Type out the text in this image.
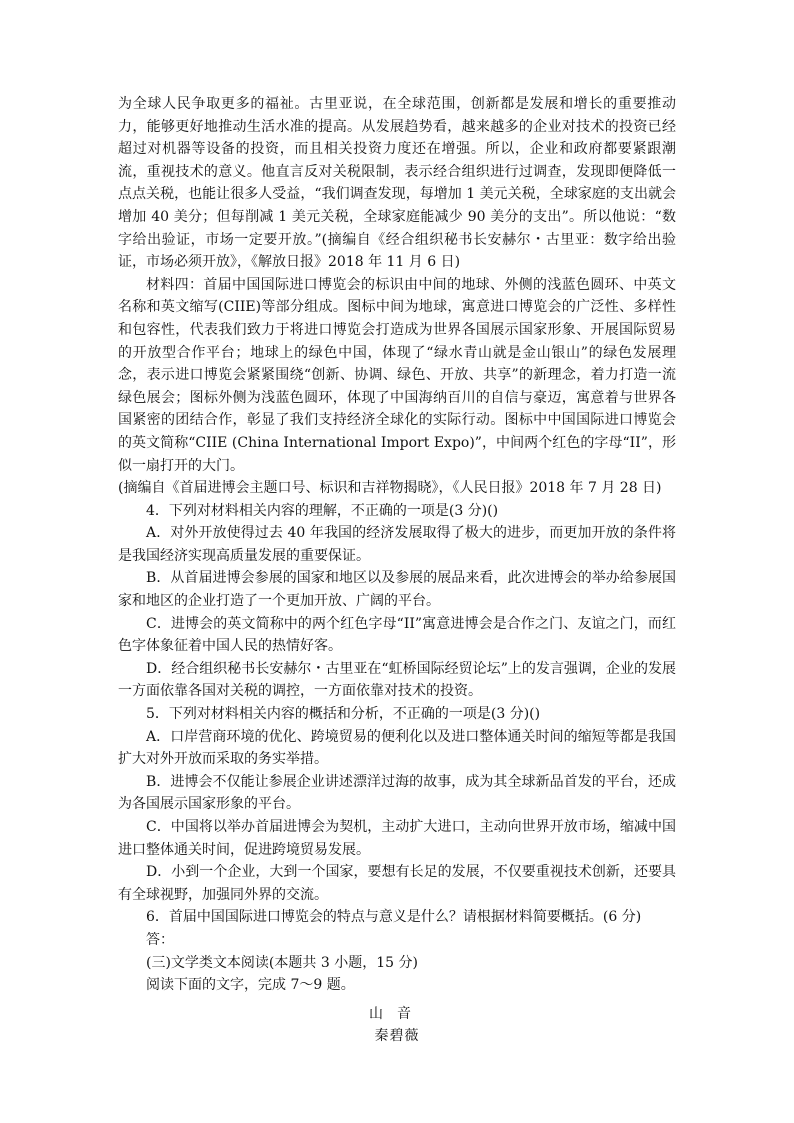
为全球人民争取更多的福祉。古里亚说，在全球范围，创新都是发展和增长的重要推动力，能够更好地推动生活水准的提高。从发展趋势看，越来越多的企业对技术的投资已经超过对机器等设备的投资，而且相关投资力度还在增强。所以，企业和政府都要紧跟潮流，重视技术的意义。他直言反对关税限制，表示经合组织进行过调查，发现即便降低一点点关税，也能让很多人受益，“我们调查发现，每增加 1 美元关税，全球家庭的支出就会增加 40 美分；但每削减 1 美元关税，全球家庭能减少 90 美分的支出”。所以他说：“数字给出验证，市场一定要开放。”(摘编自《经合组织秘书长安赫尔・古里亚：数字给出验证，市场必须开放》，《解放日报》2018 年 11 月 6 日)

材料四：首届中国国际进口博览会的标识由中间的地球、外侧的浅蓝色圆环、中英文名称和英文缩写(CIIE)等部分组成。图标中间为地球，寓意进口博览会的广泛性、多样性和包容性，代表我们致力于将进口博览会打造成为世界各国展示国家形象、开展国际贸易的开放型合作平台；地球上的绿色中国，体现了“绿水青山就是金山银山”的绿色发展理念，表示进口博览会紧紧围绕“创新、协调、绿色、开放、共享”的新理念，着力打造一流绿色展会；图标外侧为浅蓝色圆环，体现了中国海纳百川的自信与豪迈，寓意着与世界各国紧密的团结合作，彰显了我们支持经济全球化的实际行动。图标中中国国际进口博览会的英文简称“CIIE (China International Import Expo)”，中间两个红色的字母“II”，形似一扇打开的大门。

(摘编自《首届进博会主题口号、标识和吉祥物揭晓》，《人民日报》2018 年 7 月 28 日)

4．下列对材料相关内容的理解，不正确的一项是(3 分)()

A．对外开放使得过去 40 年我国的经济发展取得了极大的进步，而更加开放的条件将是我国经济实现高质量发展的重要保证。

B．从首届进博会参展的国家和地区以及参展的展品来看，此次进博会的举办给参展国家和地区的企业打造了一个更加开放、广阔的平台。

C．进博会的英文简称中的两个红色字母“II”寓意进博会是合作之门、友谊之门，而红色字体象征着中国人民的热情好客。

D．经合组织秘书长安赫尔・古里亚在“虹桥国际经贸论坛”上的发言强调，企业的发展一方面依靠各国对关税的调控，一方面依靠对技术的投资。

5．下列对材料相关内容的概括和分析，不正确的一项是(3 分)()

A．口岸营商环境的优化、跨境贸易的便利化以及进口整体通关时间的缩短等都是我国扩大对外开放而采取的务实举措。

B．进博会不仅能让参展企业讲述漂洋过海的故事，成为其全球新品首发的平台，还成为各国展示国家形象的平台。

C．中国将以举办首届进博会为契机，主动扩大进口，主动向世界开放市场，缩减中国进口整体通关时间，促进跨境贸易发展。

D．小到一个企业，大到一个国家，要想有长足的发展，不仅要重视技术创新，还要具有全球视野，加强同外界的交流。

6．首届中国国际进口博览会的特点与意义是什么？请根据材料简要概括。(6 分)

答：

(三)文学类文本阅读(本题共 3 小题，15 分)

阅读下面的文字，完成 7～9 题。

山音

秦碧薇
